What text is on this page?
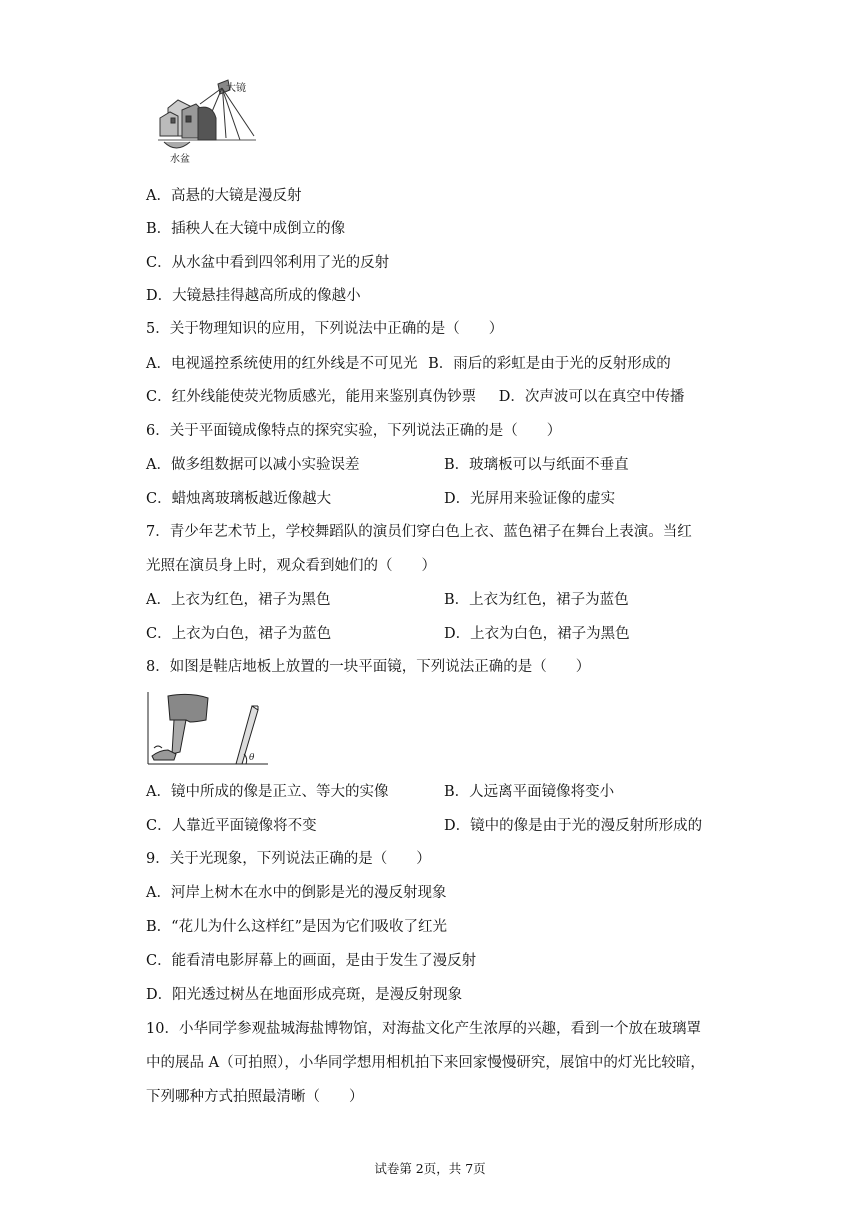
大镜
水盆
A．高悬的大镜是漫反射
B．插秧人在大镜中成倒立的像
C．从水盆中看到四邻利用了光的反射
D．大镜悬挂得越高所成的像越小
5．关于物理知识的应用，下列说法中正确的是（　　）
A．电视遥控系统使用的红外线是不可见光 B．雨后的彩虹是由于光的反射形成的
C．红外线能使荧光物质感光，能用来鉴别真伪钞票 D．次声波可以在真空中传播
6．关于平面镜成像特点的探究实验，下列说法正确的是（　　）
A．做多组数据可以减小实验误差	B．玻璃板可以与纸面不垂直
C．蜡烛离玻璃板越近像越大	D．光屏用来验证像的虚实
7．青少年艺术节上，学校舞蹈队的演员们穿白色上衣、蓝色裙子在舞台上表演。当红
光照在演员身上时，观众看到她们的（　　）
A．上衣为红色，裙子为黑色	B．上衣为红色，裙子为蓝色
C．上衣为白色，裙子为蓝色	D．上衣为白色，裙子为黑色
8．如图是鞋店地板上放置的一块平面镜，下列说法正确的是（　　）
θ
A．镜中所成的像是正立、等大的实像	B．人远离平面镜像将变小
C．人靠近平面镜像将不变	D．镜中的像是由于光的漫反射所形成的
9．关于光现象，下列说法正确的是（　　）
A．河岸上树木在水中的倒影是光的漫反射现象
B．“花儿为什么这样红”是因为它们吸收了红光
C．能看清电影屏幕上的画面，是由于发生了漫反射
D．阳光透过树丛在地面形成亮斑，是漫反射现象
10．小华同学参观盐城海盐博物馆，对海盐文化产生浓厚的兴趣，看到一个放在玻璃罩
中的展品 A（可拍照），小华同学想用相机拍下来回家慢慢研究，展馆中的灯光比较暗，
下列哪种方式拍照最清晰（　　）
试卷第 2页，共 7页
